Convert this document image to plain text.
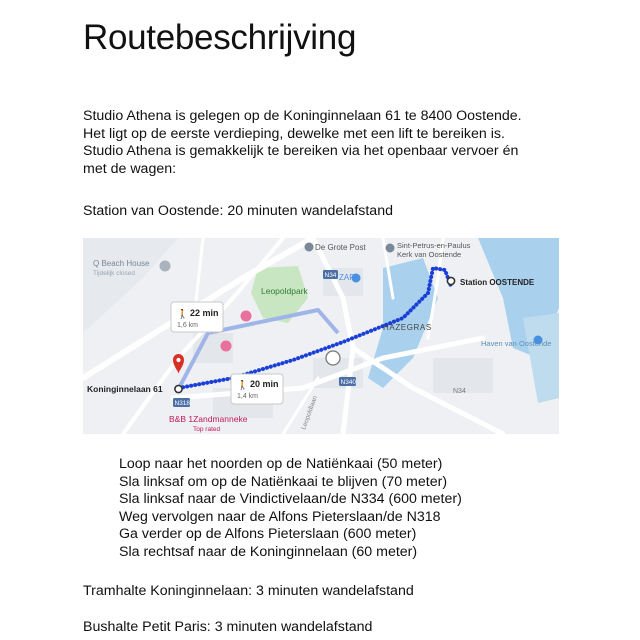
Routebeschrijving
Studio Athena is gelegen op de Koninginnelaan 61 te 8400 Oostende.
Het ligt op de eerste verdieping, dewelke met een lift te bereiken is.
Studio Athena is gemakkelijk te bereiken via het openbaar vervoer én
met de wagen:
Station van Oostende: 20 minuten wandelafstand
Q Beach House
Tijdelijk closed
De Grote Post	Sint-Petrus-en-Paulus
Kerk van Oostende
ZARA
Leopoldpark
HAZEGRAS
Haven van Oostende
Station OOSTENDE
Koninginnelaan 61
B&B 1Zandmanneke
Top rated
N340
N34
N318
N34
Leopoldlaan
🚶 22 min
1,6 km
🚶 20 min
1,4 km
Loop naar het noorden op de Natiënkaai (50 meter)
Sla linksaf om op de Natiënkaai te blijven (70 meter)
Sla linksaf naar de Vindictivelaan/de N334 (600 meter)
Weg vervolgen naar de Alfons Pieterslaan/de N318
Ga verder op de Alfons Pieterslaan (600 meter)
Sla rechtsaf naar de Koninginnelaan (60 meter)
Tramhalte Koninginnelaan: 3 minuten wandelafstand
Bushalte Petit Paris: 3 minuten wandelafstand
